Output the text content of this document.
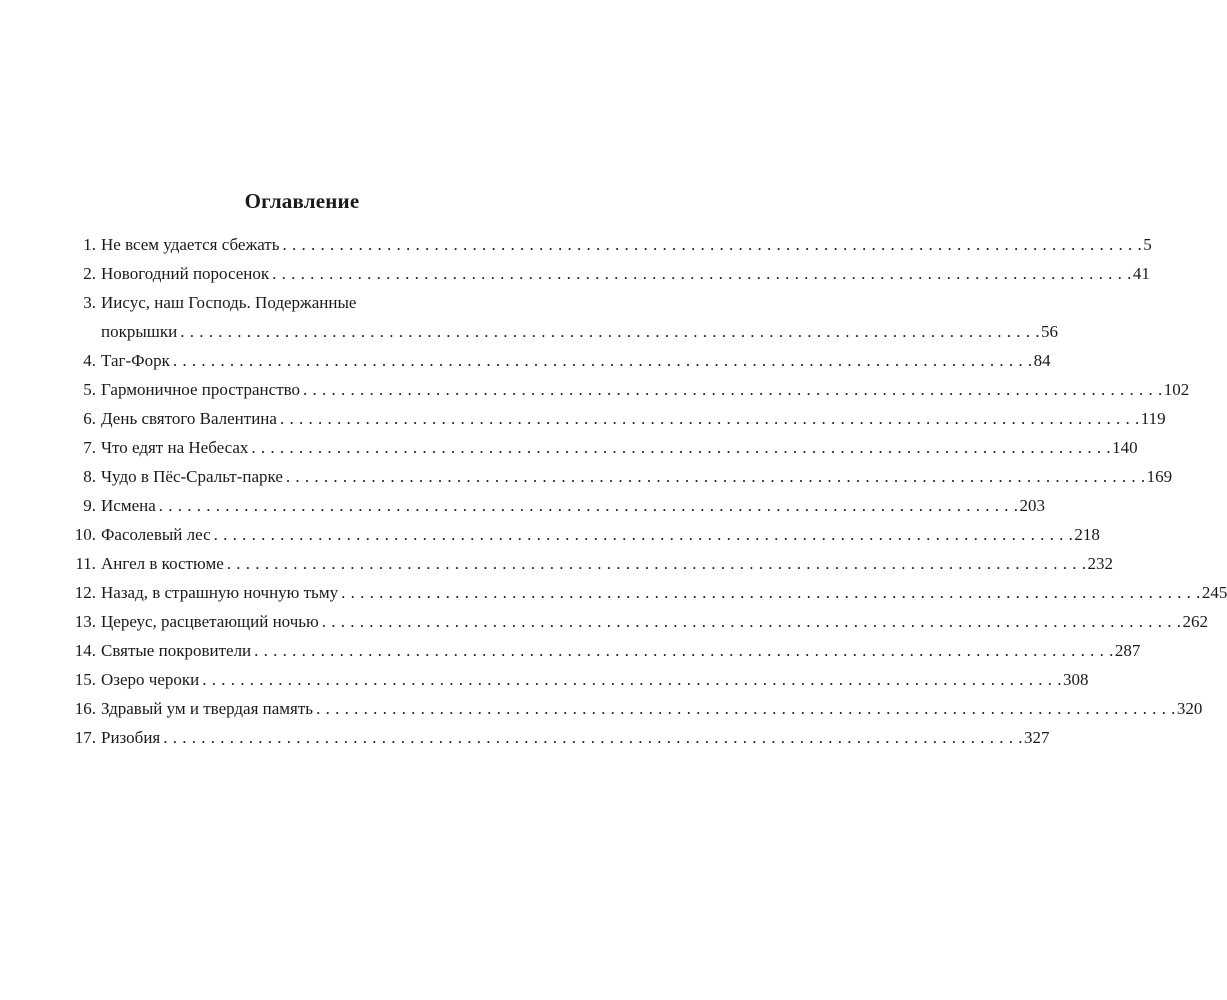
Оглавление
1. Не всем удается сбежать . . . . . . . . . . . . . . . . . . . . . . . . . . . . . . . . . . . . . . . . . . . . . . . . . . . . . . . . . . . . . . . . . . . . . . . . . . . . . . . . . . . . . . . . . . . 5
2. Новогодний поросенок . . . . . . . . . . . . . . . . . . . . . . . . . . . . . . . . . . . . . . . . . . . . . . . . . . . . . . . . . . . . . . . . . . . . . . . . . . . . . . . . . . . . . . . . . . . 41
3. Иисус, наш Господь. Подержанные
покрышки . . . . . . . . . . . . . . . . . . . . . . . . . . . . . . . . . . . . . . . . . . . . . . . . . . . . . . . . . . . . . . . . . . . . . . . . . . . . . . . . . . . . . . . . . . . 56
4. Таг-Форк . . . . . . . . . . . . . . . . . . . . . . . . . . . . . . . . . . . . . . . . . . . . . . . . . . . . . . . . . . . . . . . . . . . . . . . . . . . . . . . . . . . . . . . . . . . 84
5. Гармоничное пространство . . . . . . . . . . . . . . . . . . . . . . . . . . . . . . . . . . . . . . . . . . . . . . . . . . . . . . . . . . . . . . . . . . . . . . . . . . . . . . . . . . . . . . . . . . . 102
6. День святого Валентина . . . . . . . . . . . . . . . . . . . . . . . . . . . . . . . . . . . . . . . . . . . . . . . . . . . . . . . . . . . . . . . . . . . . . . . . . . . . . . . . . . . . . . . . . . . 119
7. Что едят на Небесах . . . . . . . . . . . . . . . . . . . . . . . . . . . . . . . . . . . . . . . . . . . . . . . . . . . . . . . . . . . . . . . . . . . . . . . . . . . . . . . . . . . . . . . . . . . 140
8. Чудо в Пёс-Сральт-парке . . . . . . . . . . . . . . . . . . . . . . . . . . . . . . . . . . . . . . . . . . . . . . . . . . . . . . . . . . . . . . . . . . . . . . . . . . . . . . . . . . . . . . . . . . . 169
9. Исмена . . . . . . . . . . . . . . . . . . . . . . . . . . . . . . . . . . . . . . . . . . . . . . . . . . . . . . . . . . . . . . . . . . . . . . . . . . . . . . . . . . . . . . . . . . . 203
10. Фасолевый лес . . . . . . . . . . . . . . . . . . . . . . . . . . . . . . . . . . . . . . . . . . . . . . . . . . . . . . . . . . . . . . . . . . . . . . . . . . . . . . . . . . . . . . . . . . . 218
11. Ангел в костюме . . . . . . . . . . . . . . . . . . . . . . . . . . . . . . . . . . . . . . . . . . . . . . . . . . . . . . . . . . . . . . . . . . . . . . . . . . . . . . . . . . . . . . . . . . . 232
12. Назад, в страшную ночную тьму . . . . . . . . . . . . . . . . . . . . . . . . . . . . . . . . . . . . . . . . . . . . . . . . . . . . . . . . . . . . . . . . . . . . . . . . . . . . . . . . . . . . . . . . . . . 245
13. Цереус, расцветающий ночью . . . . . . . . . . . . . . . . . . . . . . . . . . . . . . . . . . . . . . . . . . . . . . . . . . . . . . . . . . . . . . . . . . . . . . . . . . . . . . . . . . . . . . . . . . . 262
14. Святые покровители . . . . . . . . . . . . . . . . . . . . . . . . . . . . . . . . . . . . . . . . . . . . . . . . . . . . . . . . . . . . . . . . . . . . . . . . . . . . . . . . . . . . . . . . . . . 287
15. Озеро чероки . . . . . . . . . . . . . . . . . . . . . . . . . . . . . . . . . . . . . . . . . . . . . . . . . . . . . . . . . . . . . . . . . . . . . . . . . . . . . . . . . . . . . . . . . . . 308
16. Здравый ум и твердая память . . . . . . . . . . . . . . . . . . . . . . . . . . . . . . . . . . . . . . . . . . . . . . . . . . . . . . . . . . . . . . . . . . . . . . . . . . . . . . . . . . . . . . . . . . . 320
17. Ризобия . . . . . . . . . . . . . . . . . . . . . . . . . . . . . . . . . . . . . . . . . . . . . . . . . . . . . . . . . . . . . . . . . . . . . . . . . . . . . . . . . . . . . . . . . . . 327
